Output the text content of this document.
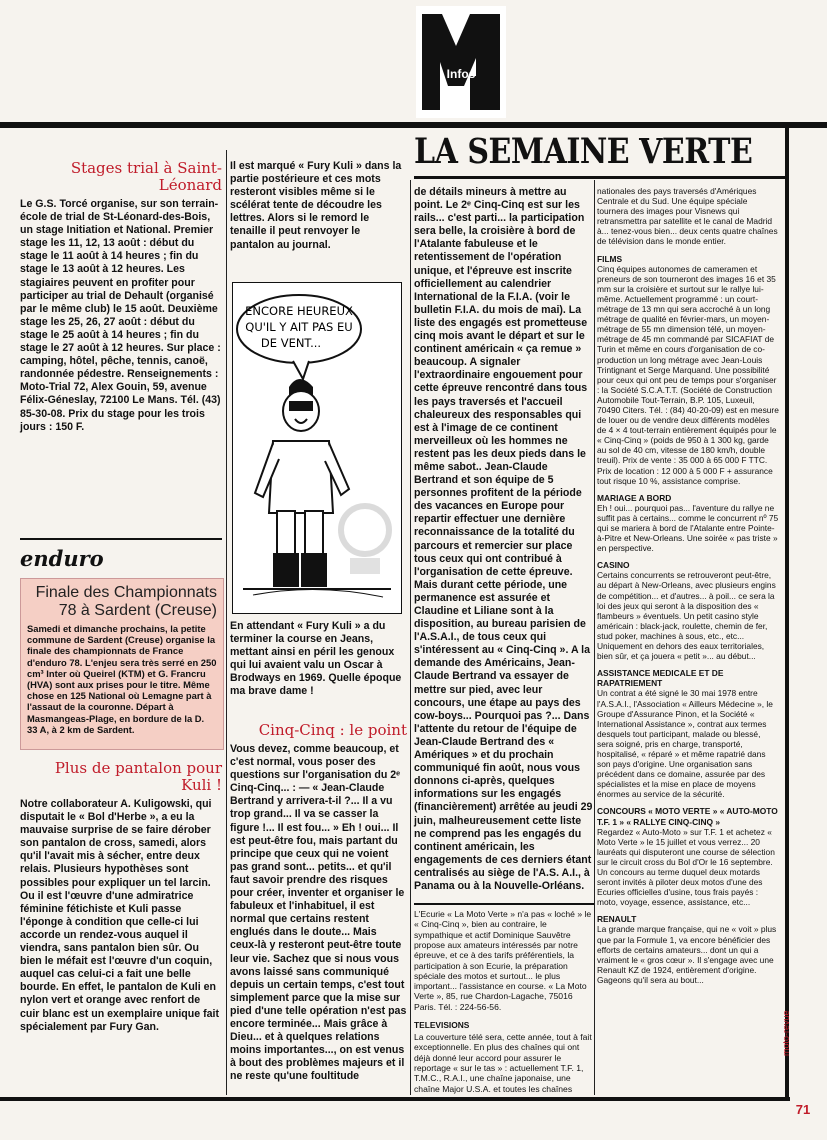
Infos
LA SEMAINE VERTE
Stages trial à Saint-Léonard

Le G.S. Torcé organise, sur son terrain-école de trial de St-Léonard-des-Bois, un stage Initiation et National. Premier stage les 11, 12, 13 août : début du stage le 11 août à 14 heures ; fin du stage le 13 août à 12 heures. Les stagiaires peuvent en profiter pour participer au trial de Dehault (organisé par le même club) le 15 août. Deuxième stage les 25, 26, 27 août : début du stage le 25 août à 14 heures ; fin du stage le 27 août à 12 heures. Sur place : camping, hôtel, pêche, tennis, canoë, randonnée pédestre. Renseignements : Moto-Trial 72, Alex Gouin, 59, avenue Félix-Géneslay, 72100 Le Mans. Tél. (43) 85-30-08. Prix du stage pour les trois jours : 150 F.

enduro
Finale des Championnats 78 à Sardent (Creuse)

Samedi et dimanche prochains, la petite commune de Sardent (Creuse) organise la finale des championnats de France d'enduro 78. L'enjeu sera très serré en 250 cm³ Inter où Queirel (KTM) et G. Francru (HVA) sont aux prises pour le titre. Même chose en 125 National où Lemagne part à l'assaut de la couronne. Départ à Masmangeas-Plage, en bordure de la D. 33 A, à 2 km de Sardent.

Plus de pantalon pour Kuli !

Notre collaborateur A. Kuligowski, qui disputait le « Bol d'Herbe », a eu la mauvaise surprise de se faire dérober son pantalon de cross, samedi, alors qu'il l'avait mis à sécher, entre deux relais. Plusieurs hypothèses sont possibles pour expliquer un tel larcin. Ou il est l'œuvre d'une admiratrice féminine fétichiste et Kuli passe l'éponge à condition que celle-ci lui accorde un rendez-vous auquel il viendra, sans pantalon bien sûr. Ou bien le méfait est l'œuvre d'un coquin, auquel cas celui-ci a fait une belle bourde. En effet, le pantalon de Kuli en nylon vert et orange avec renfort de cuir blanc est un exemplaire unique fait spécialement par Fury Gan.

Il est marqué « Fury Kuli » dans la partie postérieure et ces mots resteront visibles même si le scélérat tente de découdre les lettres. Alors si le remord le tenaille il peut renvoyer le pantalon au journal.

ENCORE HEUREUX
QU'IL Y AIT PAS EU
DE VENT...

En attendant « Fury Kuli » a du terminer la course en Jeans, mettant ainsi en péril les genoux qui lui avaient valu un Oscar à Brodways en 1969. Quelle époque ma brave dame !

Cinq-Cinq : le point

Vous devez, comme beaucoup, et c'est normal, vous poser des questions sur l'organisation du 2ᵉ Cinq-Cinq... : — « Jean-Claude Bertrand y arrivera-t-il ?... Il a vu trop grand... Il va se casser la figure !... Il est fou... » Eh ! oui... Il est peut-être fou, mais partant du principe que ceux qui ne voient pas grand sont... petits... et qu'il faut savoir prendre des risques pour créer, inventer et organiser le fabuleux et l'inhabituel, il est normal que certains restent englués dans le doute... Mais ceux-là y resteront peut-être toute leur vie. Sachez que si nous vous avons laissé sans communiqué depuis un certain temps, c'est tout simplement parce que la mise sur pied d'une telle opération n'est pas encore terminée... Mais grâce à Dieu... et à quelques relations moins importantes..., on est venus à bout des problèmes majeurs et il ne reste qu'une foultitude

de détails mineurs à mettre au point. Le 2ᵉ Cinq-Cinq est sur les rails... c'est parti... la participation sera belle, la croisière à bord de l'Atalante fabuleuse et le retentissement de l'opération unique, et l'épreuve est inscrite officiellement au calendrier International de la F.I.A. (voir le bulletin F.I.A. du mois de mai). La liste des engagés est prometteuse cinq mois avant le départ et sur le continent américain « ça remue » beaucoup. A signaler l'extraordinaire engouement pour cette épreuve rencontré dans tous les pays traversés et l'accueil chaleureux des responsables qui est à l'image de ce continent merveilleux où les hommes ne restent pas les deux pieds dans le même sabot.. Jean-Claude Bertrand et son équipe de 5 personnes profitent de la période des vacances en Europe pour repartir effectuer une dernière reconnaissance de la totalité du parcours et remercier sur place tous ceux qui ont contribué à l'organisation de cette épreuve. Mais durant cette période, une permanence est assurée et Claudine et Liliane sont à la disposition, au bureau parisien de l'A.S.A.I., de tous ceux qui s'intéressent au « Cinq-Cinq ». A la demande des Américains, Jean-Claude Bertrand va essayer de mettre sur pied, avec leur concours, une étape au pays des cow-boys... Pourquoi pas ?... Dans l'attente du retour de l'équipe de Jean-Claude Bertrand des « Amériques » et du prochain communiqué fin août, nous vous donnons ci-après, quelques informations sur les engagés (financièrement) arrêtée au jeudi 29 juin, malheureusement cette liste ne comprend pas les engagés du continent américain, les engagements de ces derniers étant centralisés au siège de l'A.S. A.I., à Panama ou à la Nouvelle-Orléans.

L'Ecurie « La Moto Verte » n'a pas « loché » le « Cinq-Cinq », bien au contraire, le sympathique et actif Dominique Sauvêtre propose aux amateurs intéressés par notre épreuve, et ce à des tarifs préférentiels, la participation à son Ecurie, la préparation spéciale des motos et surtout... le plus important... l'assistance en course. « La Moto Verte », 85, rue Chardon-Lagache, 75016 Paris. Tél. : 224-56-56.
TELEVISIONS

La couverture télé sera, cette année, tout à fait exceptionnelle. En plus des chaînes qui ont déjà donné leur accord pour assurer le reportage « sur le tas » : actuellement T.F. 1, T.M.C., R.A.I., une chaîne japonaise, une chaîne Major U.S.A. et toutes les chaînes

nationales des pays traversés d'Amériques Centrale et du Sud. Une équipe spéciale tournera des images pour Visnews qui retransmettra par satellite et le canal de Madrid à... tenez-vous bien... deux cents quatre chaînes de télévision dans le monde entier.

FILMS

Cinq équipes autonomes de cameramen et preneurs de son tourneront des images 16 et 35 mm sur la croisière et surtout sur le rallye lui-même. Actuellement programmé : un court-métrage de 13 mn qui sera accroché à un long métrage de qualité en février-mars, un moyen-métrage de 55 mn dimension télé, un moyen-métrage de 45 mn commandé par SICAFIAT de Turin et même en cours d'organisation de co-production un long métrage avec Jean-Louis Trintignant et Serge Marquand. Une possibilité pour ceux qui ont peu de temps pour s'organiser : la Société S.C.A.T.T. (Société de Construction Automobile Tout-Terrain, B.P. 105, Luxeuil, 70490 Citers. Tél. : (84) 40-20-09) est en mesure de louer ou de vendre deux différents modèles de 4 × 4 tout-terrain entièrement équipés pour le « Cinq-Cinq » (poids de 950 à 1 300 kg, garde au sol de 40 cm, vitesse de 180 km/h, double treuil). Prix de vente : 35 000 à 65 000 F TTC. Prix de location : 12 000 à 5 000 F + assurance tout risque 10 %, assistance comprise.

MARIAGE A BORD

Eh ! oui... pourquoi pas... l'aventure du rallye ne suffit pas à certains... comme le concurrent nº 75 qui se mariera à bord de l'Atalante entre Pointe-à-Pitre et New-Orleans. Une soirée « pas triste » en perspective.

CASINO

Certains concurrents se retrouveront peut-être, au départ à New-Orleans, avec plusieurs engins de compétition... et d'autres... à poil... ce sera la loi des jeux qui seront à la disposition des « flambeurs » éventuels. Un petit casino style américain : black-jack, roulette, chemin de fer, stud poker, machines à sous, etc., etc... Uniquement en dehors des eaux territoriales, bien sûr, et ça jouera « petit »... au début...

ASSISTANCE MEDICALE ET DE RAPATRIEMENT

Un contrat a été signé le 30 mai 1978 entre l'A.S.A.I., l'Association « Ailleurs Médecine », le Groupe d'Assurance Pinon, et la Société « International Assistance », contrat aux termes desquels tout participant, malade ou blessé, sera soigné, pris en charge, transporté, hospitalisé, « réparé » et même rapatrié dans son pays d'origine. Une organisation sans précédent dans ce domaine, assurée par des spécialistes et la mise en place de moyens énormes au service de la sécurité.

CONCOURS « MOTO VERTE » « AUTO-MOTO T.F. 1 » « RALLYE CINQ-CINQ »

Regardez « Auto-Moto » sur T.F. 1 et achetez « Moto Verte » le 15 juillet et vous verrez... 20 lauréats qui disputeront une course de sélection sur le circuit cross du Bol d'Or le 16 septembre. Un concours au terme duquel deux motards seront invités à piloter deux motos d'une des Ecuries officielles d'usine, tous frais payés : moto, voyage, essence, assistance, etc...

RENAULT

La grande marque française, qui ne « voit » plus que par la Formule 1, va encore bénéficier des efforts de certains amateurs... dont un qui a vraiment le « gros cœur ». Il s'engage avec une Renault KZ de 1924, entièrement d'origine. Gageons qu'il sera au bout...

moto-revue
71
